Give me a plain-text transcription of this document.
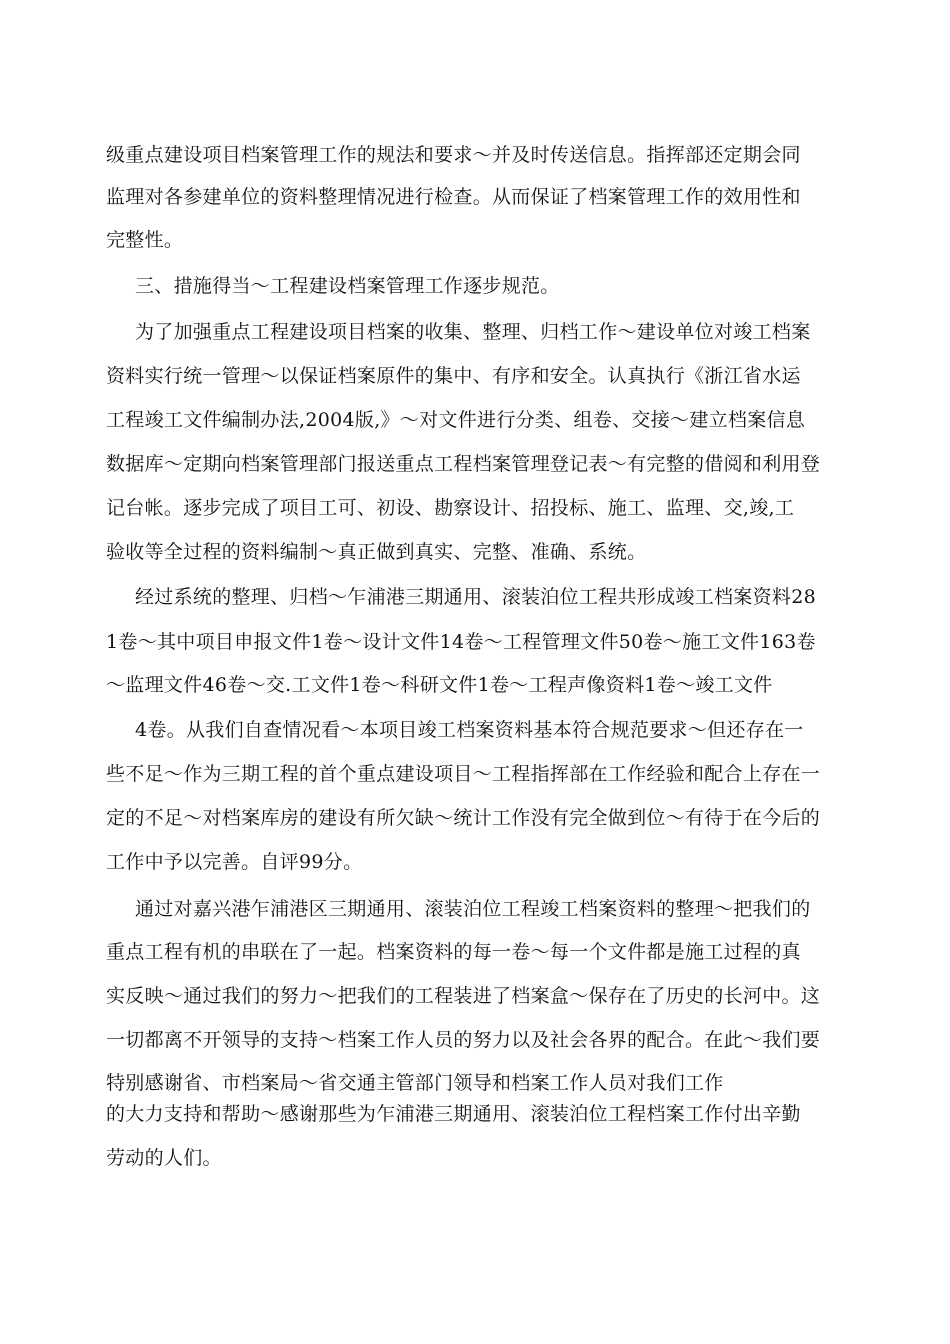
级重点建设项目档案管理工作的规法和要求～并及时传送信息。指挥部还定期会同
监理对各参建单位的资料整理情况进行检查。从而保证了档案管理工作的效用性和
完整性。
三、措施得当～工程建设档案管理工作逐步规范。
为了加强重点工程建设项目档案的收集、整理、归档工作～建设单位对竣工档案
资料实行统一管理～以保证档案原件的集中、有序和安全。认真执行《浙江省水运
工程竣工文件编制办法,2004版,》～对文件进行分类、组卷、交接～建立档案信息
数据库～定期向档案管理部门报送重点工程档案管理登记表～有完整的借阅和利用登
记台帐。逐步完成了项目工可、初设、勘察设计、招投标、施工、监理、交,竣,工
验收等全过程的资料编制～真正做到真实、完整、准确、系统。
经过系统的整理、归档～乍浦港三期通用、滚装泊位工程共形成竣工档案资料28
1卷～其中项目申报文件1卷～设计文件14卷～工程管理文件50卷～施工文件163卷
～监理文件46卷～交.工文件1卷～科研文件1卷～工程声像资料1卷～竣工文件
4卷。从我们自查情况看～本项目竣工档案资料基本符合规范要求～但还存在一
些不足～作为三期工程的首个重点建设项目～工程指挥部在工作经验和配合上存在一
定的不足～对档案库房的建设有所欠缺～统计工作没有完全做到位～有待于在今后的
工作中予以完善。自评99分。
通过对嘉兴港乍浦港区三期通用、滚装泊位工程竣工档案资料的整理～把我们的
重点工程有机的串联在了一起。档案资料的每一卷～每一个文件都是施工过程的真
实反映～通过我们的努力～把我们的工程装进了档案盒～保存在了历史的长河中。这
一切都离不开领导的支持～档案工作人员的努力以及社会各界的配合。在此～我们要
特别感谢省、市档案局～省交通主管部门领导和档案工作人员对我们工作
的大力支持和帮助～感谢那些为乍浦港三期通用、滚装泊位工程档案工作付出辛勤
劳动的人们。
